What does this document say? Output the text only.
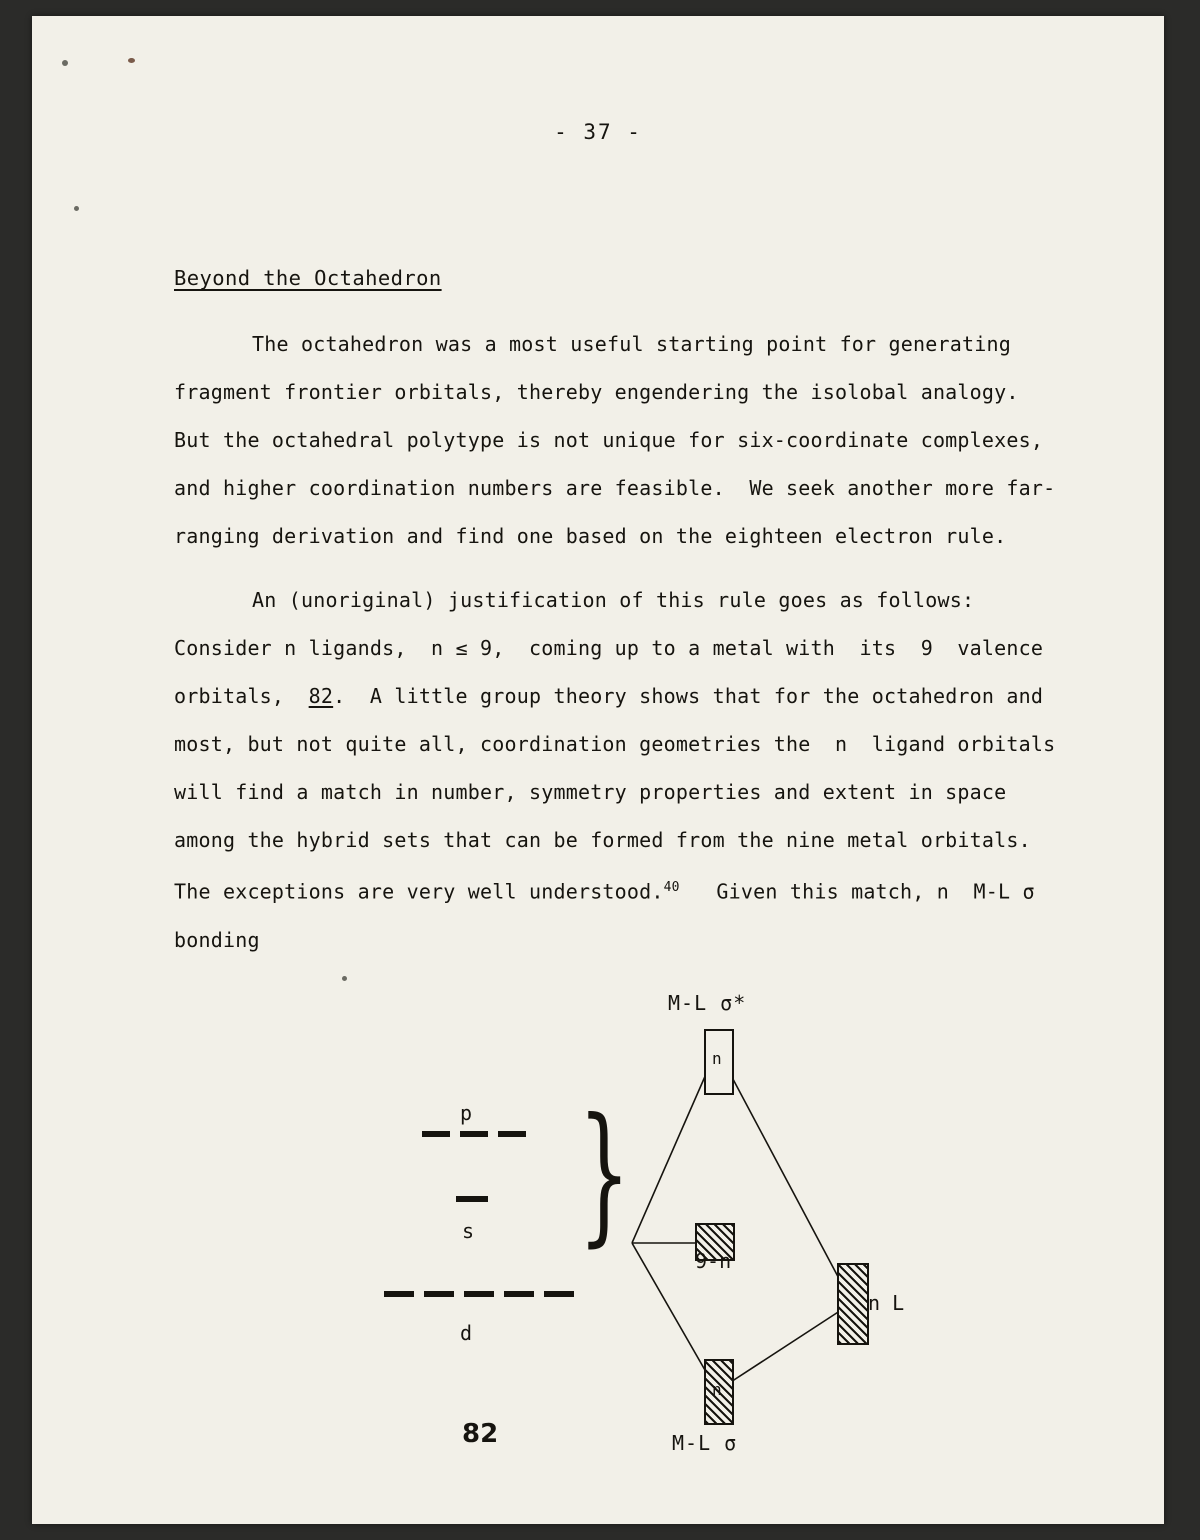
- 37 -
Beyond the Octahedron

The octahedron was a most useful starting point for generating fragment frontier orbitals, thereby engendering the isolobal analogy.  But the octahedral polytype is not unique for six-coordinate complexes, and higher coordination numbers are feasible.  We seek another more far-ranging derivation and find one based on the eighteen electron rule.

An (unoriginal) justification of this rule goes as follows:  Consider n ligands,  n ≤ 9,  coming up to a metal with  its  9  valence orbitals,  82.  A little group theory shows that for the octahedron and most, but not quite all, coordination geometries the  n  ligand orbitals will find a match in number, symmetry properties and extent in space among the hybrid sets that can be formed from the nine metal orbitals.  The exceptions are very well understood.$^{40}$   Given this match, n  M-L σ  bonding

}
p
s
d
n
n
M-L σ*
M-L σ
n L
9-n
82
